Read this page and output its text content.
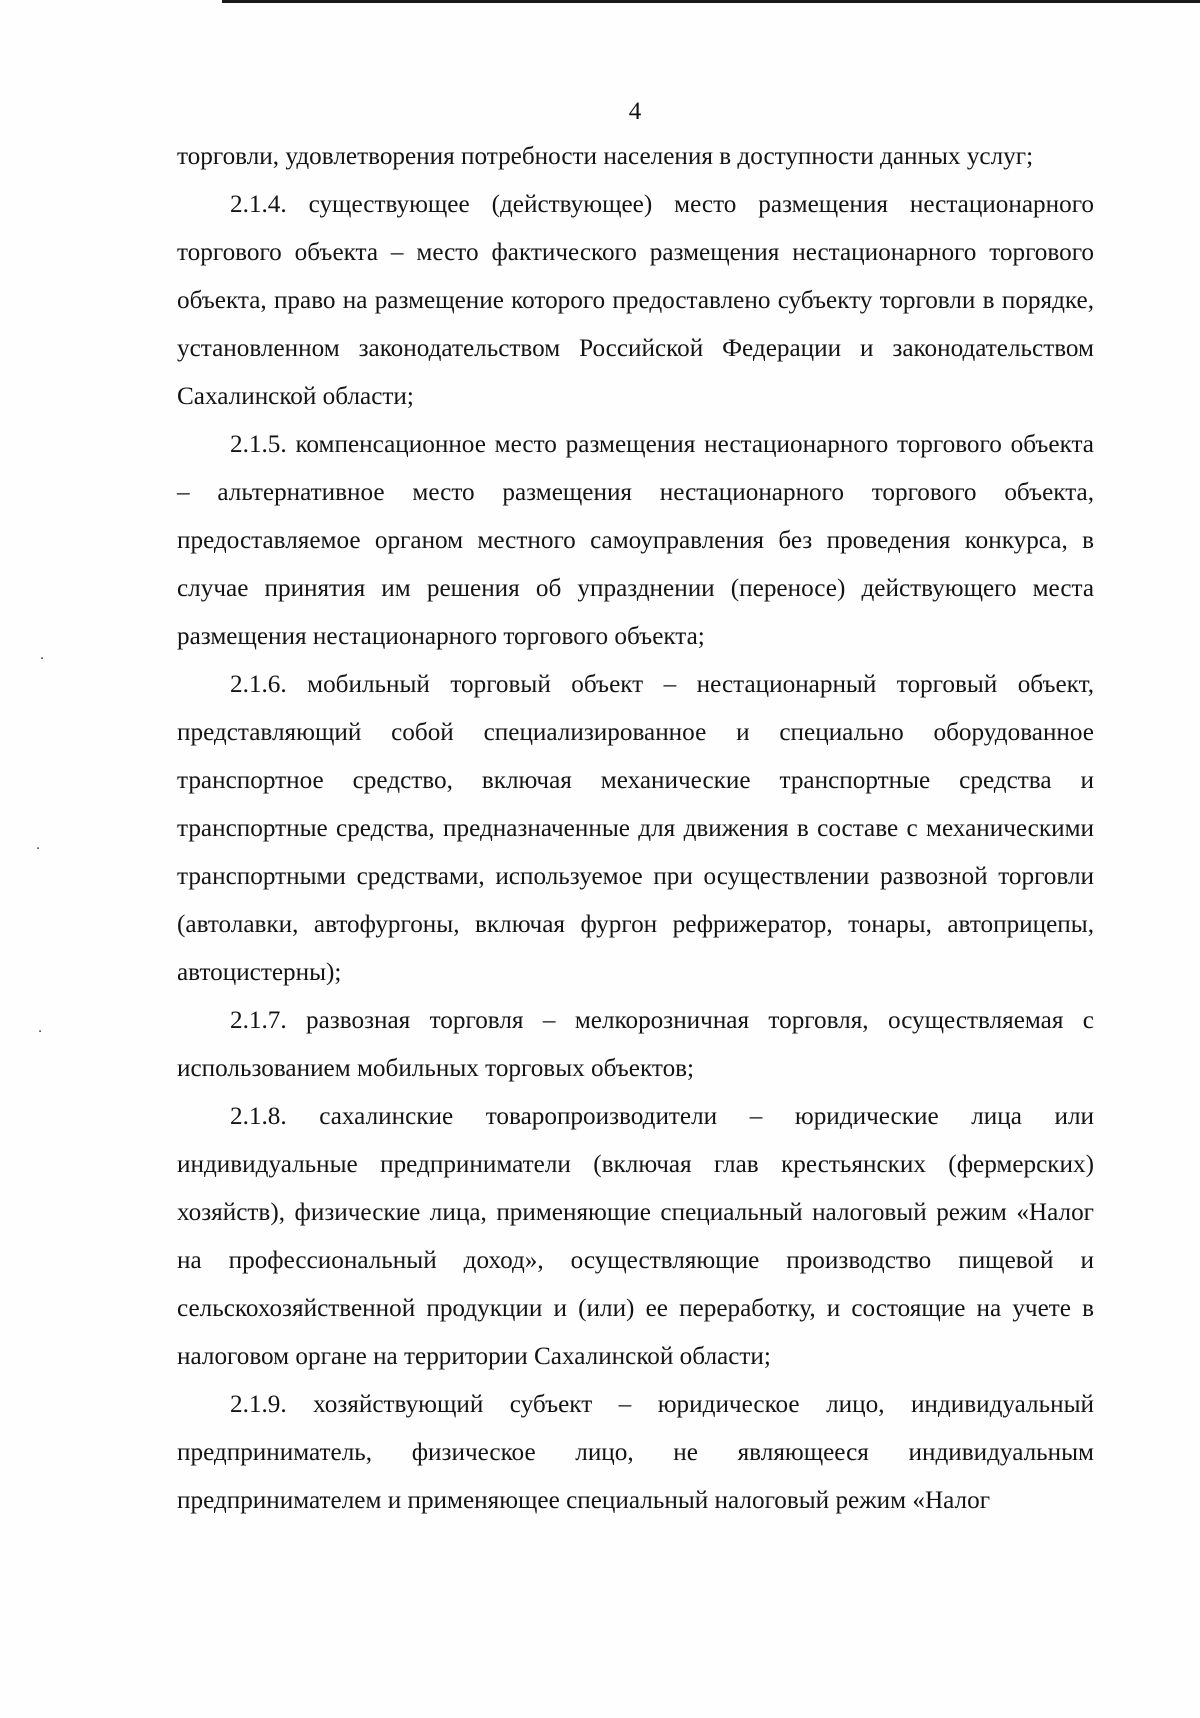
4

торговли, удовлетворения потребности населения в доступности данных услуг;

2.1.4. существующее (действующее) место размещения нестационарного торгового объекта – место фактического размещения нестационарного торгового объекта, право на размещение которого предоставлено субъекту торговли в порядке, установленном законодательством Российской Федерации и законодательством Сахалинской области;

2.1.5. компенсационное место размещения нестационарного торгового объекта – альтернативное место размещения нестационарного торгового объекта, предоставляемое органом местного самоуправления без проведения конкурса, в случае принятия им решения об упразднении (переносе) действующего места размещения нестационарного торгового объекта;

2.1.6. мобильный торговый объект – нестационарный торговый объект, представляющий собой специализированное и специально оборудованное транспортное средство, включая механические транспортные средства и транспортные средства, предназначенные для движения в составе с механическими транспортными средствами, используемое при осуществлении развозной торговли (автолавки, автофургоны, включая фургон рефрижератор, тонары, автоприцепы, автоцистерны);

2.1.7. развозная торговля – мелкорозничная торговля, осуществляемая с использованием мобильных торговых объектов;

2.1.8. сахалинские товаропроизводители – юридические лица или индивидуальные предприниматели (включая глав крестьянских (фермерских) хозяйств), физические лица, применяющие специальный налоговый режим «Налог на профессиональный доход», осуществляющие производство пищевой и сельскохозяйственной продукции и (или) ее переработку, и состоящие на учете в налоговом органе на территории Сахалинской области;

2.1.9. хозяйствующий субъект – юридическое лицо, индивидуальный предприниматель, физическое лицо, не являющееся индивидуальным предпринимателем и применяющее специальный налоговый режим «Налог

·
·
·
